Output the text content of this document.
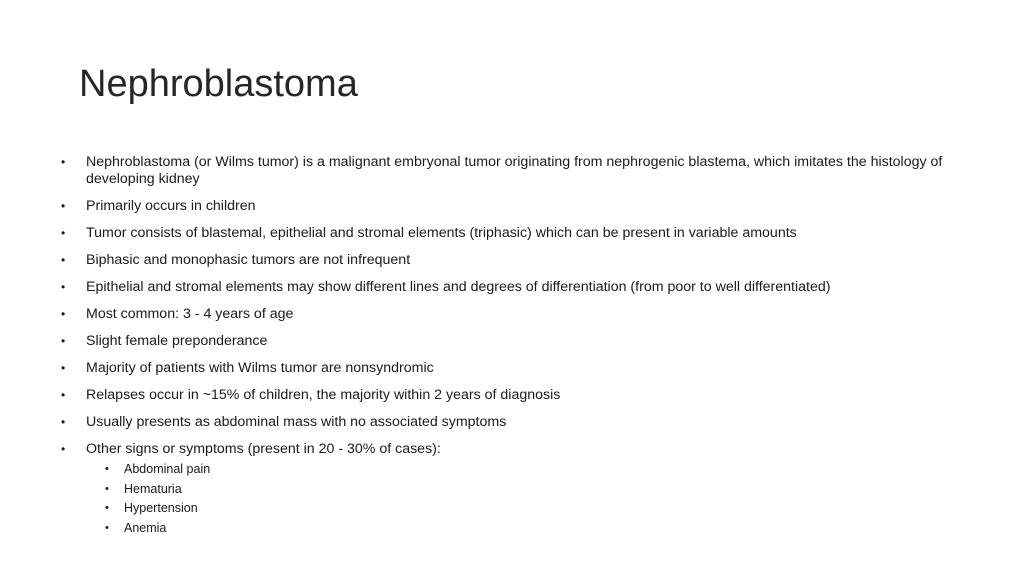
Nephroblastoma
• Nephroblastoma (or Wilms tumor) is a malignant embryonal tumor originating from nephrogenic blastema, which imitates the histology of developing kidney
• Primarily occurs in children
• Tumor consists of blastemal, epithelial and stromal elements (triphasic) which can be present in variable amounts
• Biphasic and monophasic tumors are not infrequent
• Epithelial and stromal elements may show different lines and degrees of differentiation (from poor to well differentiated)
• Most common: 3 - 4 years of age
• Slight female preponderance
• Majority of patients with Wilms tumor are nonsyndromic
• Relapses occur in ~15% of children, the majority within 2 years of diagnosis
• Usually presents as abdominal mass with no associated symptoms
• Other signs or symptoms (present in 20 - 30% of cases):
• Abdominal pain
• Hematuria
• Hypertension
• Anemia
